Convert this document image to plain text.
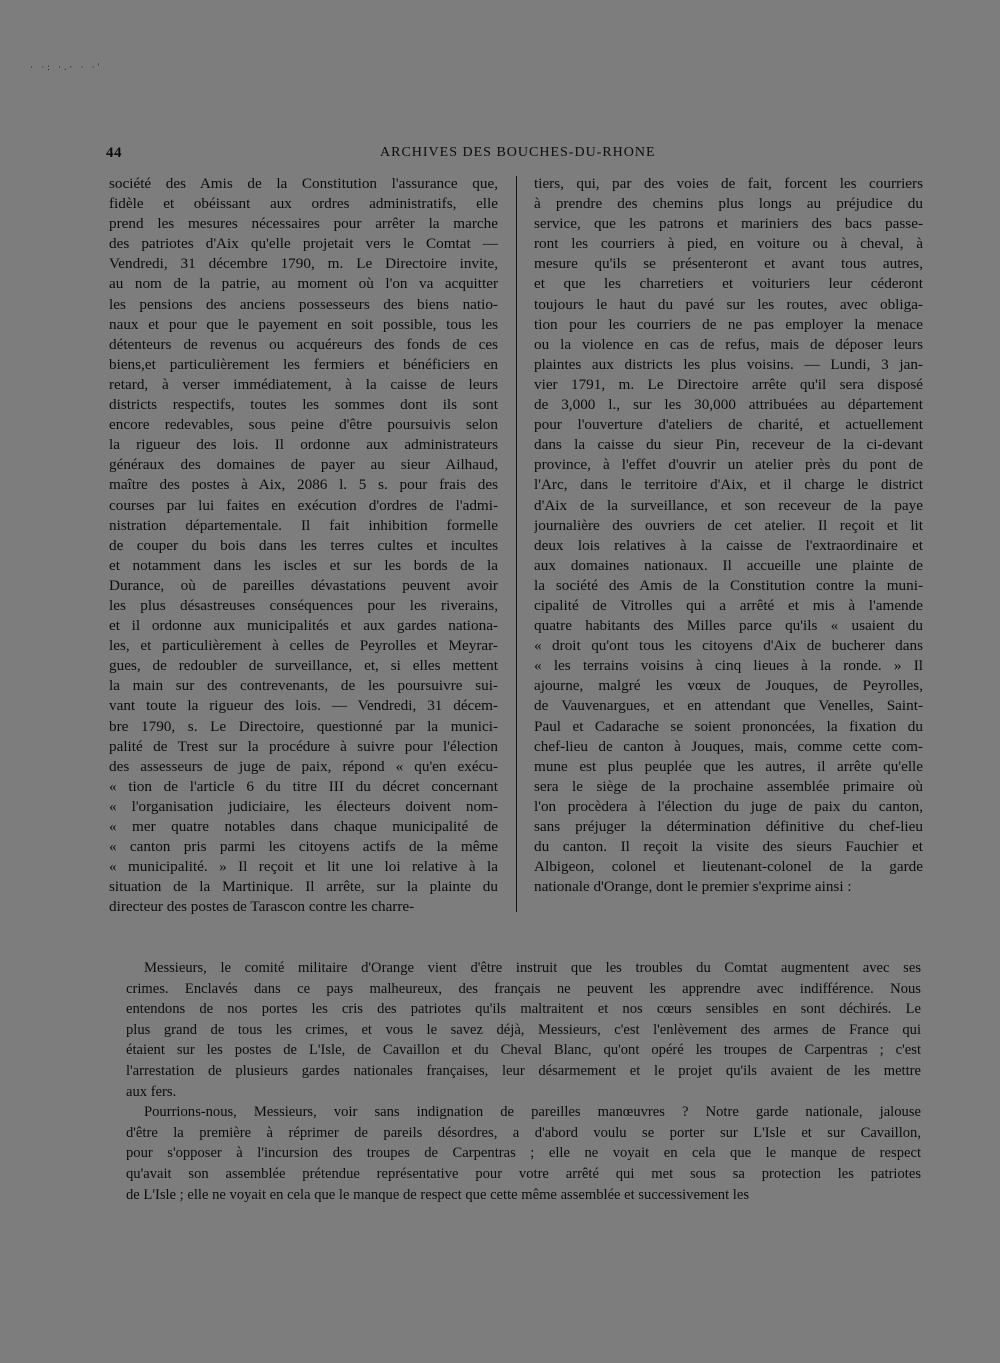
· ·: ·.· · ·'
44	ARCHIVES DES BOUCHES-DU-RHONE
société des Amis de la Constitution l'assurance que,
fidèle et obéissant aux ordres administratifs, elle
prend les mesures nécessaires pour arrêter la marche
des patriotes d'Aix qu'elle projetait vers le Comtat —
Vendredi, 31 décembre 1790, m. Le Directoire invite,
au nom de la patrie, au moment où l'on va acquitter
les pensions des anciens possesseurs des biens natio-
naux et pour que le payement en soit possible, tous les
détenteurs de revenus ou acquéreurs des fonds de ces
biens,et particulièrement les fermiers et bénéficiers en
retard, à verser immédiatement, à la caisse de leurs
districts respectifs, toutes les sommes dont ils sont
encore redevables, sous peine d'être poursuivis selon
la rigueur des lois. Il ordonne aux administrateurs
généraux des domaines de payer au sieur Ailhaud,
maître des postes à Aix, 2086 l. 5 s. pour frais des
courses par lui faites en exécution d'ordres de l'admi-
nistration départementale. Il fait inhibition formelle
de couper du bois dans les terres cultes et incultes
et notamment dans les iscles et sur les bords de la
Durance, où de pareilles dévastations peuvent avoir
les plus désastreuses conséquences pour les riverains,
et il ordonne aux municipalités et aux gardes nationa-
les, et particulièrement à celles de Peyrolles et Meyrar-
gues, de redoubler de surveillance, et, si elles mettent
la main sur des contrevenants, de les poursuivre sui-
vant toute la rigueur des lois. — Vendredi, 31 décem-
bre 1790, s. Le Directoire, questionné par la munici-
palité de Trest sur la procédure à suivre pour l'élection
des assesseurs de juge de paix, répond « qu'en exécu-
« tion de l'article 6 du titre III du décret concernant
« l'organisation judiciaire, les électeurs doivent nom-
« mer quatre notables dans chaque municipalité de
« canton pris parmi les citoyens actifs de la même
« municipalité. » Il reçoit et lit une loi relative à la
situation de la Martinique. Il arrête, sur la plainte du
directeur des postes de Tarascon contre les charre-
tiers, qui, par des voies de fait, forcent les courriers
à prendre des chemins plus longs au préjudice du
service, que les patrons et mariniers des bacs passe-
ront les courriers à pied, en voiture ou à cheval, à
mesure qu'ils se présenteront et avant tous autres,
et que les charretiers et voituriers leur céderont
toujours le haut du pavé sur les routes, avec obliga-
tion pour les courriers de ne pas employer la menace
ou la violence en cas de refus, mais de déposer leurs
plaintes aux districts les plus voisins. — Lundi, 3 jan-
vier 1791, m. Le Directoire arrête qu'il sera disposé
de 3,000 l., sur les 30,000 attribuées au département
pour l'ouverture d'ateliers de charité, et actuellement
dans la caisse du sieur Pin, receveur de la ci-devant
province, à l'effet d'ouvrir un atelier près du pont de
l'Arc, dans le territoire d'Aix, et il charge le district
d'Aix de la surveillance, et son receveur de la paye
journalière des ouvriers de cet atelier. Il reçoit et lit
deux lois relatives à la caisse de l'extraordinaire et
aux domaines nationaux. Il accueille une plainte de
la société des Amis de la Constitution contre la muni-
cipalité de Vitrolles qui a arrêté et mis à l'amende
quatre habitants des Milles parce qu'ils « usaient du
« droit qu'ont tous les citoyens d'Aix de bucherer dans
« les terrains voisins à cinq lieues à la ronde. » Il
ajourne, malgré les vœux de Jouques, de Peyrolles,
de Vauvenargues, et en attendant que Venelles, Saint-
Paul et Cadarache se soient prononcées, la fixation du
chef-lieu de canton à Jouques, mais, comme cette com-
mune est plus peuplée que les autres, il arrête qu'elle
sera le siège de la prochaine assemblée primaire où
l'on procèdera à l'élection du juge de paix du canton,
sans préjuger la détermination définitive du chef-lieu
du canton. Il reçoit la visite des sieurs Fauchier et
Albigeon, colonel et lieutenant-colonel de la garde
nationale d'Orange, dont le premier s'exprime ainsi :
Messieurs, le comité militaire d'Orange vient d'être instruit que les troubles du Comtat augmentent avec ses
crimes. Enclavés dans ce pays malheureux, des français ne peuvent les apprendre avec indifférence. Nous
entendons de nos portes les cris des patriotes qu'ils maltraitent et nos cœurs sensibles en sont déchirés. Le
plus grand de tous les crimes, et vous le savez déjà, Messieurs, c'est l'enlèvement des armes de France qui
étaient sur les postes de L'Isle, de Cavaillon et du Cheval Blanc, qu'ont opéré les troupes de Carpentras ; c'est
l'arrestation de plusieurs gardes nationales françaises, leur désarmement et le projet qu'ils avaient de les mettre
aux fers.
Pourrions-nous, Messieurs, voir sans indignation de pareilles manœuvres ? Notre garde nationale, jalouse
d'être la première à réprimer de pareils désordres, a d'abord voulu se porter sur L'Isle et sur Cavaillon,
pour s'opposer à l'incursion des troupes de Carpentras ; elle ne voyait en cela que le manque de respect
qu'avait son assemblée prétendue représentative pour votre arrêté qui met sous sa protection les patriotes
de L'Isle ; elle ne voyait en cela que le manque de respect que cette même assemblée et successivement les
